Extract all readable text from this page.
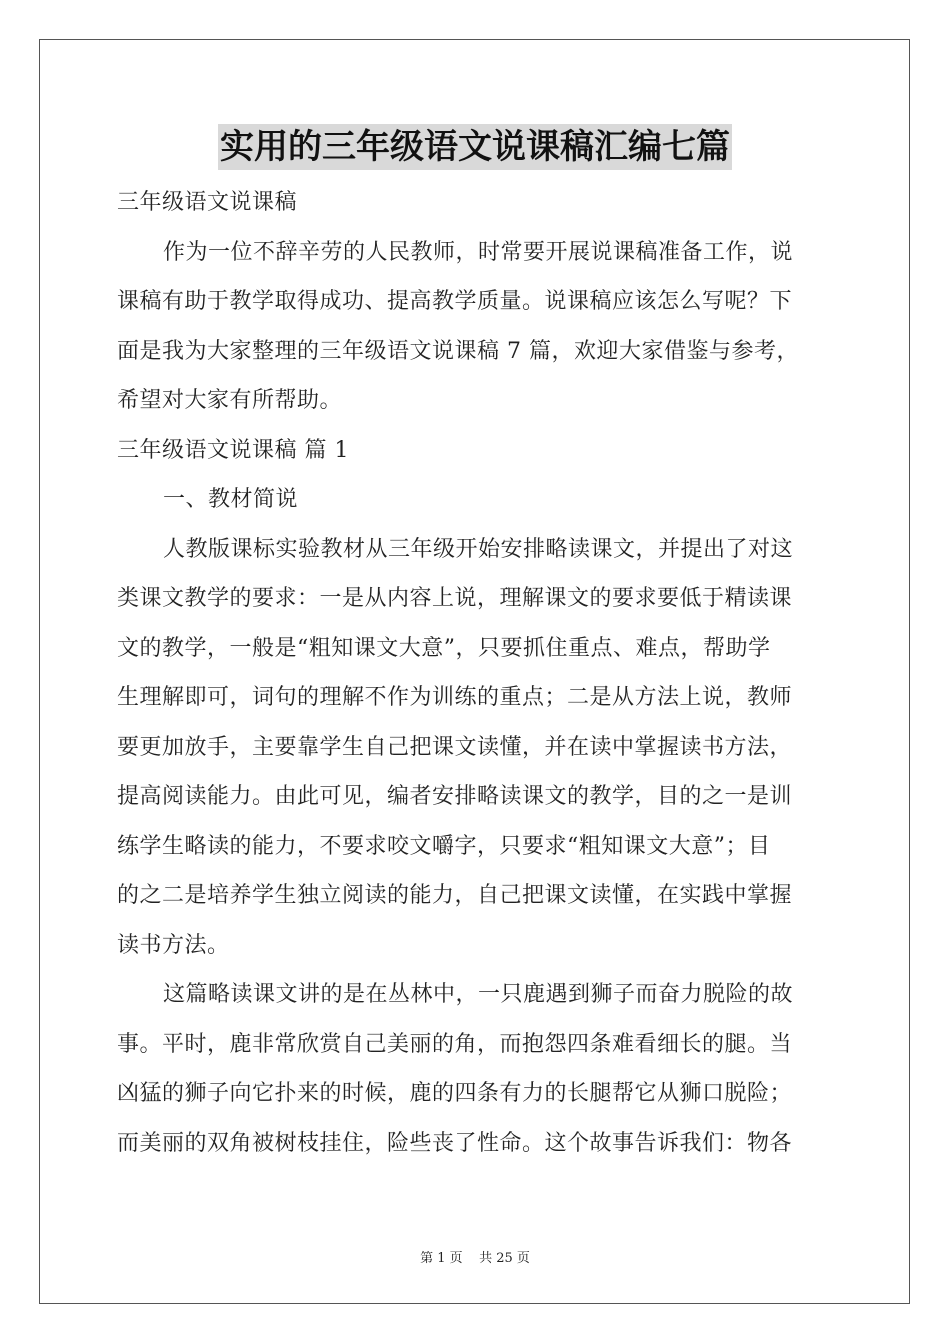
实用的三年级语文说课稿汇编七篇
三年级语文说课稿
作为一位不辞辛劳的人民教师，时常要开展说课稿准备工作，说
课稿有助于教学取得成功、提高教学质量。说课稿应该怎么写呢？下
面是我为大家整理的三年级语文说课稿 7 篇，欢迎大家借鉴与参考，
希望对大家有所帮助。
三年级语文说课稿 篇 1
一、教材简说
人教版课标实验教材从三年级开始安排略读课文，并提出了对这
类课文教学的要求：一是从内容上说，理解课文的要求要低于精读课
文的教学，一般是“粗知课文大意”，只要抓住重点、难点，帮助学
生理解即可，词句的理解不作为训练的重点；二是从方法上说，教师
要更加放手，主要靠学生自己把课文读懂，并在读中掌握读书方法，
提高阅读能力。由此可见，编者安排略读课文的教学，目的之一是训
练学生略读的能力，不要求咬文嚼字，只要求“粗知课文大意”；目
的之二是培养学生独立阅读的能力，自己把课文读懂，在实践中掌握
读书方法。
这篇略读课文讲的是在丛林中，一只鹿遇到狮子而奋力脱险的故
事。平时，鹿非常欣赏自己美丽的角，而抱怨四条难看细长的腿。当
凶猛的狮子向它扑来的时候，鹿的四条有力的长腿帮它从狮口脱险；
而美丽的双角被树枝挂住，险些丧了性命。这个故事告诉我们：物各
第 1 页    共 25 页
